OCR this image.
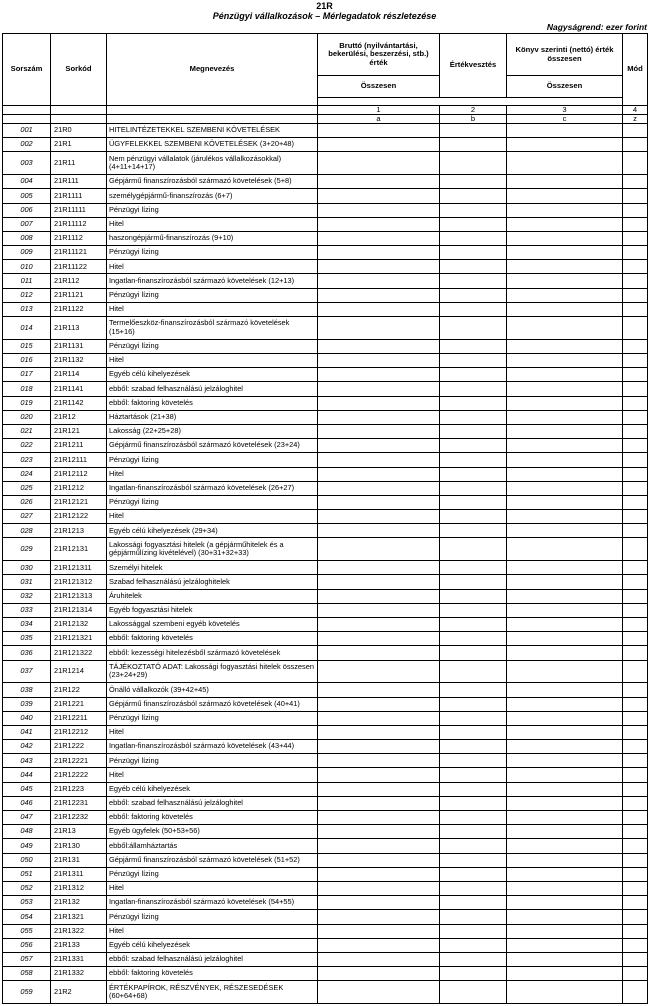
21R
Pénzügyi vállalkozások – Mérlegadatok részletezése
Nagyságrend: ezer forint
Sorszám	Sorkód	Megnevezés	Bruttó (nyilvántartási, bekerülési, beszerzési, stb.) érték	Értékvesztés	Könyv szerinti (nettó) érték összesen	Mód
			Összesen		Összesen	

			1	2	3	4
			a	b	c	z
001	21R0	HITELINTÉZETEKKEL SZEMBENI KÖVETELÉSEK				
002	21R1	ÜGYFELEKKEL SZEMBENI KÖVETELÉSEK (3+20+48)				
003	21R11	Nem pénzügyi vállalatok (járulékos vállalkozásokkal) (4+11+14+17)				
004	21R111	Gépjármű finanszírozásból származó követelések (5+8)				
005	21R1111	személygépjármű-finanszírozás (6+7)				
006	21R11111	Pénzügyi lízing				
007	21R11112	Hitel				
008	21R1112	haszongépjármű-finanszírozás (9+10)				
009	21R11121	Pénzügyi lízing				
010	21R11122	Hitel				
011	21R112	Ingatlan-finanszírozásból származó követelések (12+13)				
012	21R1121	Pénzügyi lízing				
013	21R1122	Hitel				
014	21R113	Termelőeszköz-finanszírozásból származó követelések (15+16)				
015	21R1131	Pénzügyi lízing				
016	21R1132	Hitel				
017	21R114	Egyéb célú kihelyezések				
018	21R1141	ebből: szabad felhasználású jelzáloghitel				
019	21R1142	ebből: faktoring követelés				
020	21R12	Háztartások (21+38)				
021	21R121	Lakosság (22+25+28)				
022	21R1211	Gépjármű finanszírozásból származó követelések (23+24)				
023	21R12111	Pénzügyi lízing				
024	21R12112	Hitel				
025	21R1212	Ingatlan-finanszírozásból származó követelések (26+27)				
026	21R12121	Pénzügyi lízing				
027	21R12122	Hitel				
028	21R1213	Egyéb célú kihelyezések (29+34)				
029	21R12131	Lakossági fogyasztási hitelek (a gépjárműhitelek és a gépjárműlízing kivételével) (30+31+32+33)				
030	21R121311	Személyi hitelek				
031	21R121312	Szabad felhasználású jelzáloghitelek				
032	21R121313	Áruhitelek				
033	21R121314	Egyéb fogyasztási hitelek				
034	21R12132	Lakossággal szembeni egyéb követelés				
035	21R121321	ebből: faktoring követelés				
036	21R121322	ebből: kezességi hitelezésből származó követelések				
037	21R1214	TÁJÉKOZTATÓ ADAT: Lakossági fogyasztási hitelek összesen (23+24+29)				
038	21R122	Önálló vállalkozók (39+42+45)				
039	21R1221	Gépjármű finanszírozásból származó követelések (40+41)				
040	21R12211	Pénzügyi lízing				
041	21R12212	Hitel				
042	21R1222	Ingatlan-finanszírozásból származó követelések (43+44)				
043	21R12221	Pénzügyi lízing				
044	21R12222	Hitel				
045	21R1223	Egyéb célú kihelyezések				
046	21R12231	ebből: szabad felhasználású jelzáloghitel				
047	21R12232	ebből: faktoring követelés				
048	21R13	Egyéb ügyfelek (50+53+56)				
049	21R130	ebből:államháztartás				
050	21R131	Gépjármű finanszírozásból származó követelések (51+52)				
051	21R1311	Pénzügyi lízing				
052	21R1312	Hitel				
053	21R132	Ingatlan-finanszírozásból származó követelések (54+55)				
054	21R1321	Pénzügyi lízing				
055	21R1322	Hitel				
056	21R133	Egyéb célú kihelyezések				
057	21R1331	ebből: szabad felhasználású jelzáloghitel				
058	21R1332	ebből: faktoring követelés				
059	21R2	ÉRTÉKPAPÍROK, RÉSZVÉNYEK, RÉSZESEDÉSEK (60+64+68)				
